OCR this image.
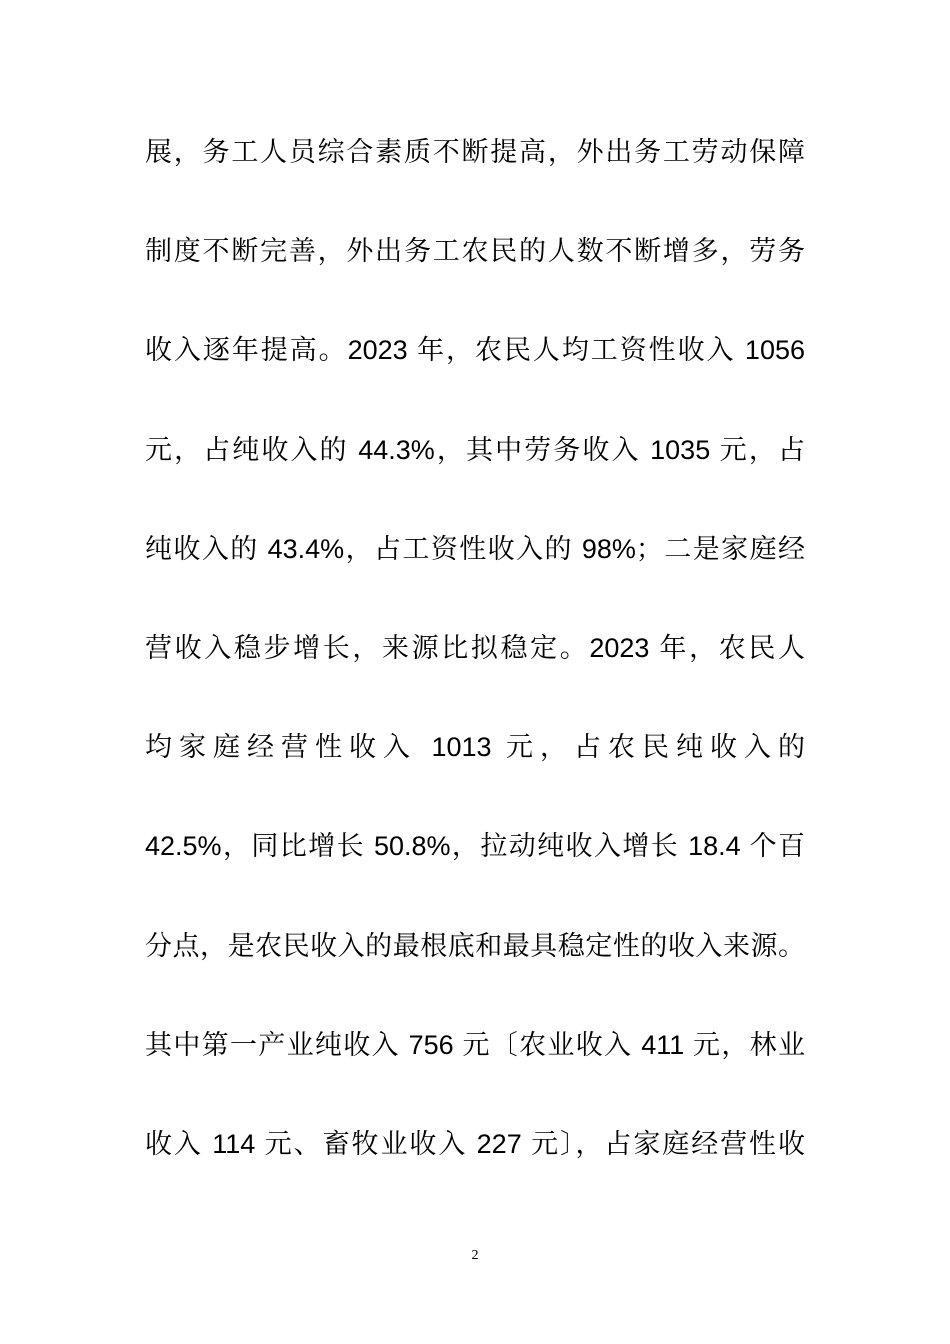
展，务工人员综合素质不断提高，外出务工劳动保障
制度不断完善，外出务工农民的人数不断增多，劳务
收入逐年提高。2023 年，农民人均工资性收入 1056
元，占纯收入的 44.3%，其中劳务收入 1035 元，占
纯收入的 43.4%，占工资性收入的 98%；二是家庭经
营收入稳步增长，来源比拟稳定。2023 年，农民人
均家庭经营性收入 1013 元，占农民纯收入的
42.5%，同比增长 50.8%，拉动纯收入增长 18.4 个百
分点，是农民收入的最根底和最具稳定性的收入来源。
其中第一产业纯收入 756 元〔农业收入 411 元，林业
收入 114 元、畜牧业收入 227 元〕，占家庭经营性收
2
